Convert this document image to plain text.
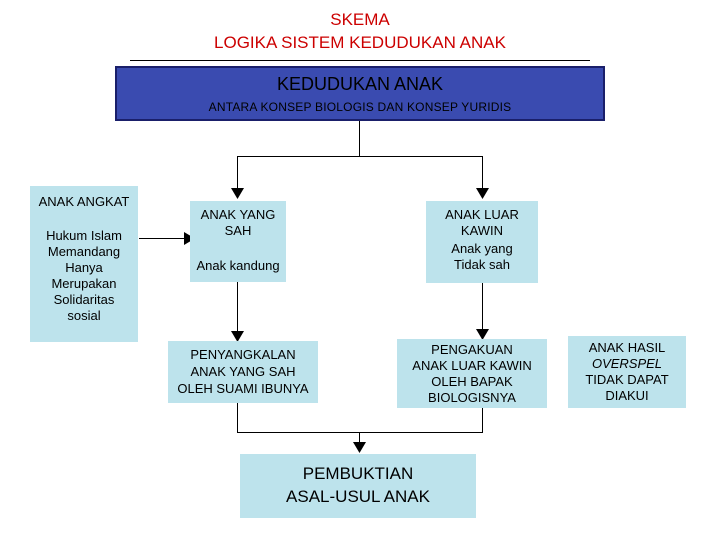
SKEMA
LOGIKA SISTEM KEDUDUKAN ANAK
KEDUDUKAN ANAK
ANTARA KONSEP BIOLOGIS DAN KONSEP YURIDIS
ANAK ANGKAT
Hukum Islam
Memandang
Hanya
Merupakan
Solidaritas
sosial
ANAK YANG
SAH
Anak kandung
ANAK LUAR
KAWIN
Anak yang
Tidak sah
PENYANGKALAN
ANAK YANG SAH
OLEH SUAMI IBUNYA
PENGAKUAN
ANAK LUAR KAWIN
OLEH BAPAK
BIOLOGISNYA
ANAK HASIL
OVERSPEL
TIDAK DAPAT
DIAKUI
PEMBUKTIAN
ASAL-USUL ANAK
